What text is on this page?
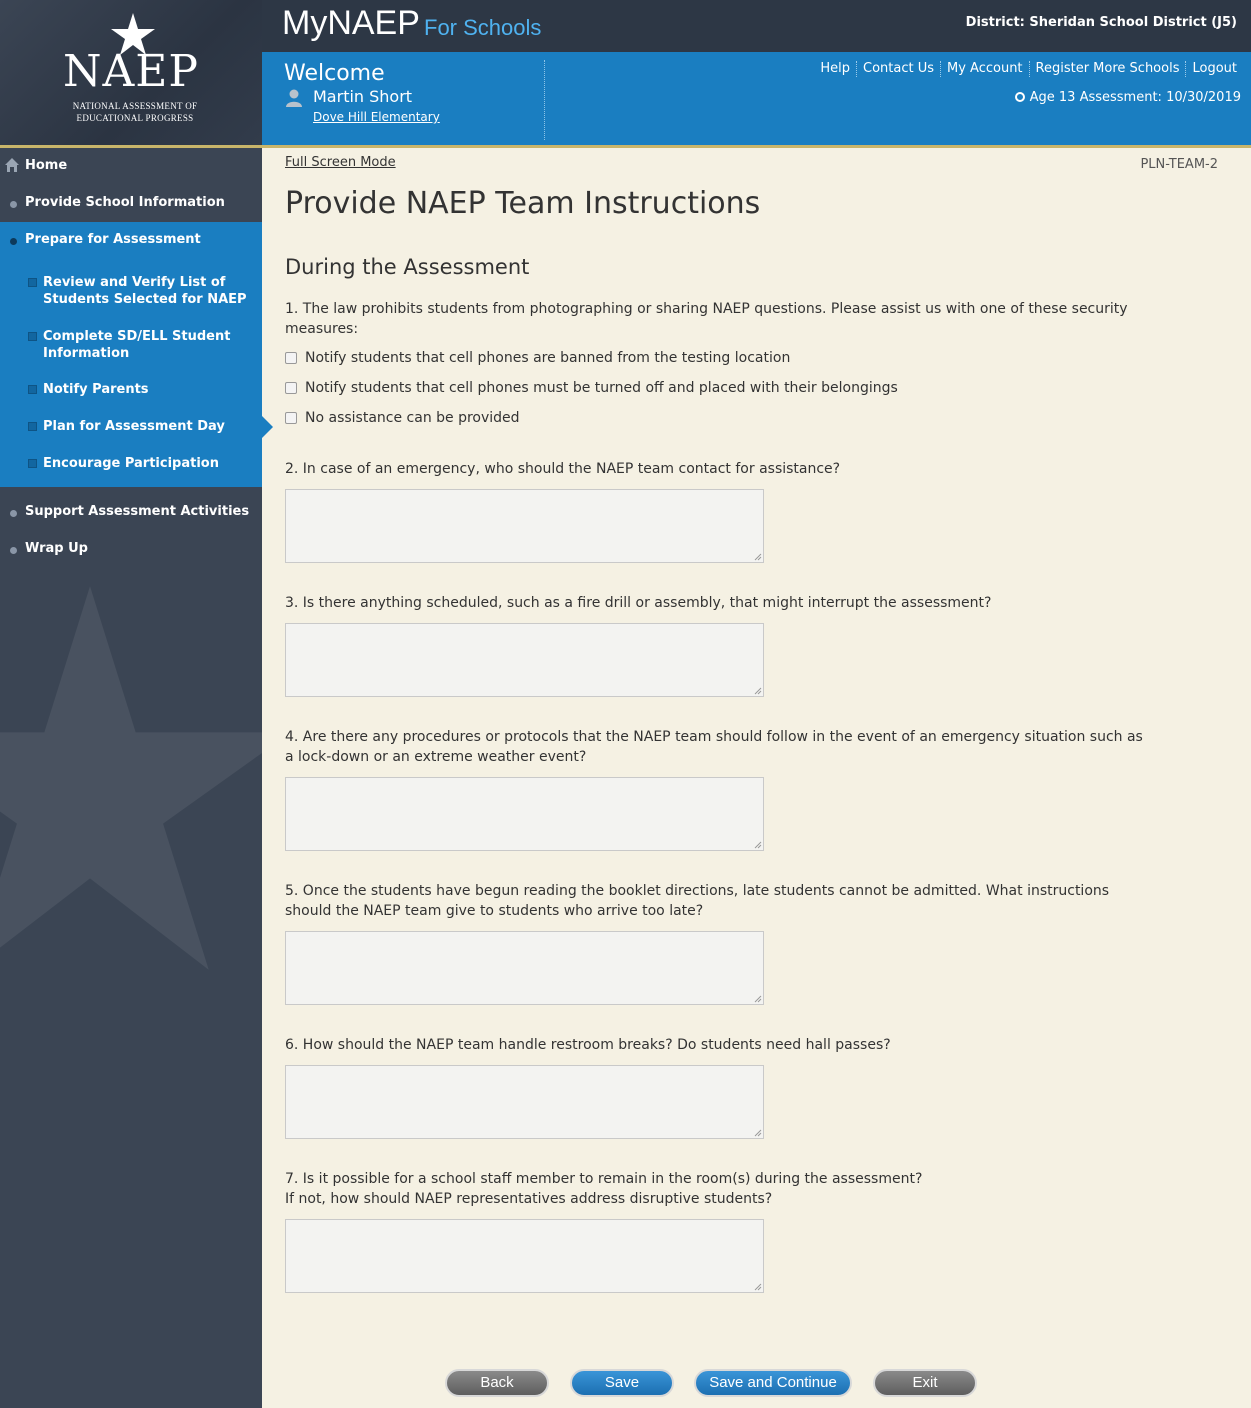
NAEP
NATIONAL ASSESSMENT OF EDUCATIONAL PROGRESS
MyNAEP For Schools	District: Sheridan School District (J5)
Welcome
Martin Short
Dove Hill Elementary
Help	Contact Us	My Account	Register More Schools	Logout
Age 13 Assessment: 10/30/2019
Home
Provide School Information
Prepare for Assessment
Review and Verify List of Students Selected for NAEP
Complete SD/ELL Student Information
Notify Parents
Plan for Assessment Day
Encourage Participation
Support Assessment Activities
Wrap Up
Full Screen Mode	PLN-TEAM-2
Provide NAEP Team Instructions
During the Assessment
1. The law prohibits students from photographing or sharing NAEP questions. Please assist us with one of these security measures:
Notify students that cell phones are banned from the testing location
Notify students that cell phones must be turned off and placed with their belongings
No assistance can be provided
2. In case of an emergency, who should the NAEP team contact for assistance?
3. Is there anything scheduled, such as a fire drill or assembly, that might interrupt the assessment?
4. Are there any procedures or protocols that the NAEP team should follow in the event of an emergency situation such as a lock-down or an extreme weather event?
5. Once the students have begun reading the booklet directions, late students cannot be admitted. What instructions should the NAEP team give to students who arrive too late?
6. How should the NAEP team handle restroom breaks? Do students need hall passes?
7. Is it possible for a school staff member to remain in the room(s) during the assessment?
If not, how should NAEP representatives address disruptive students?
Back	Save	Save and Continue	Exit
